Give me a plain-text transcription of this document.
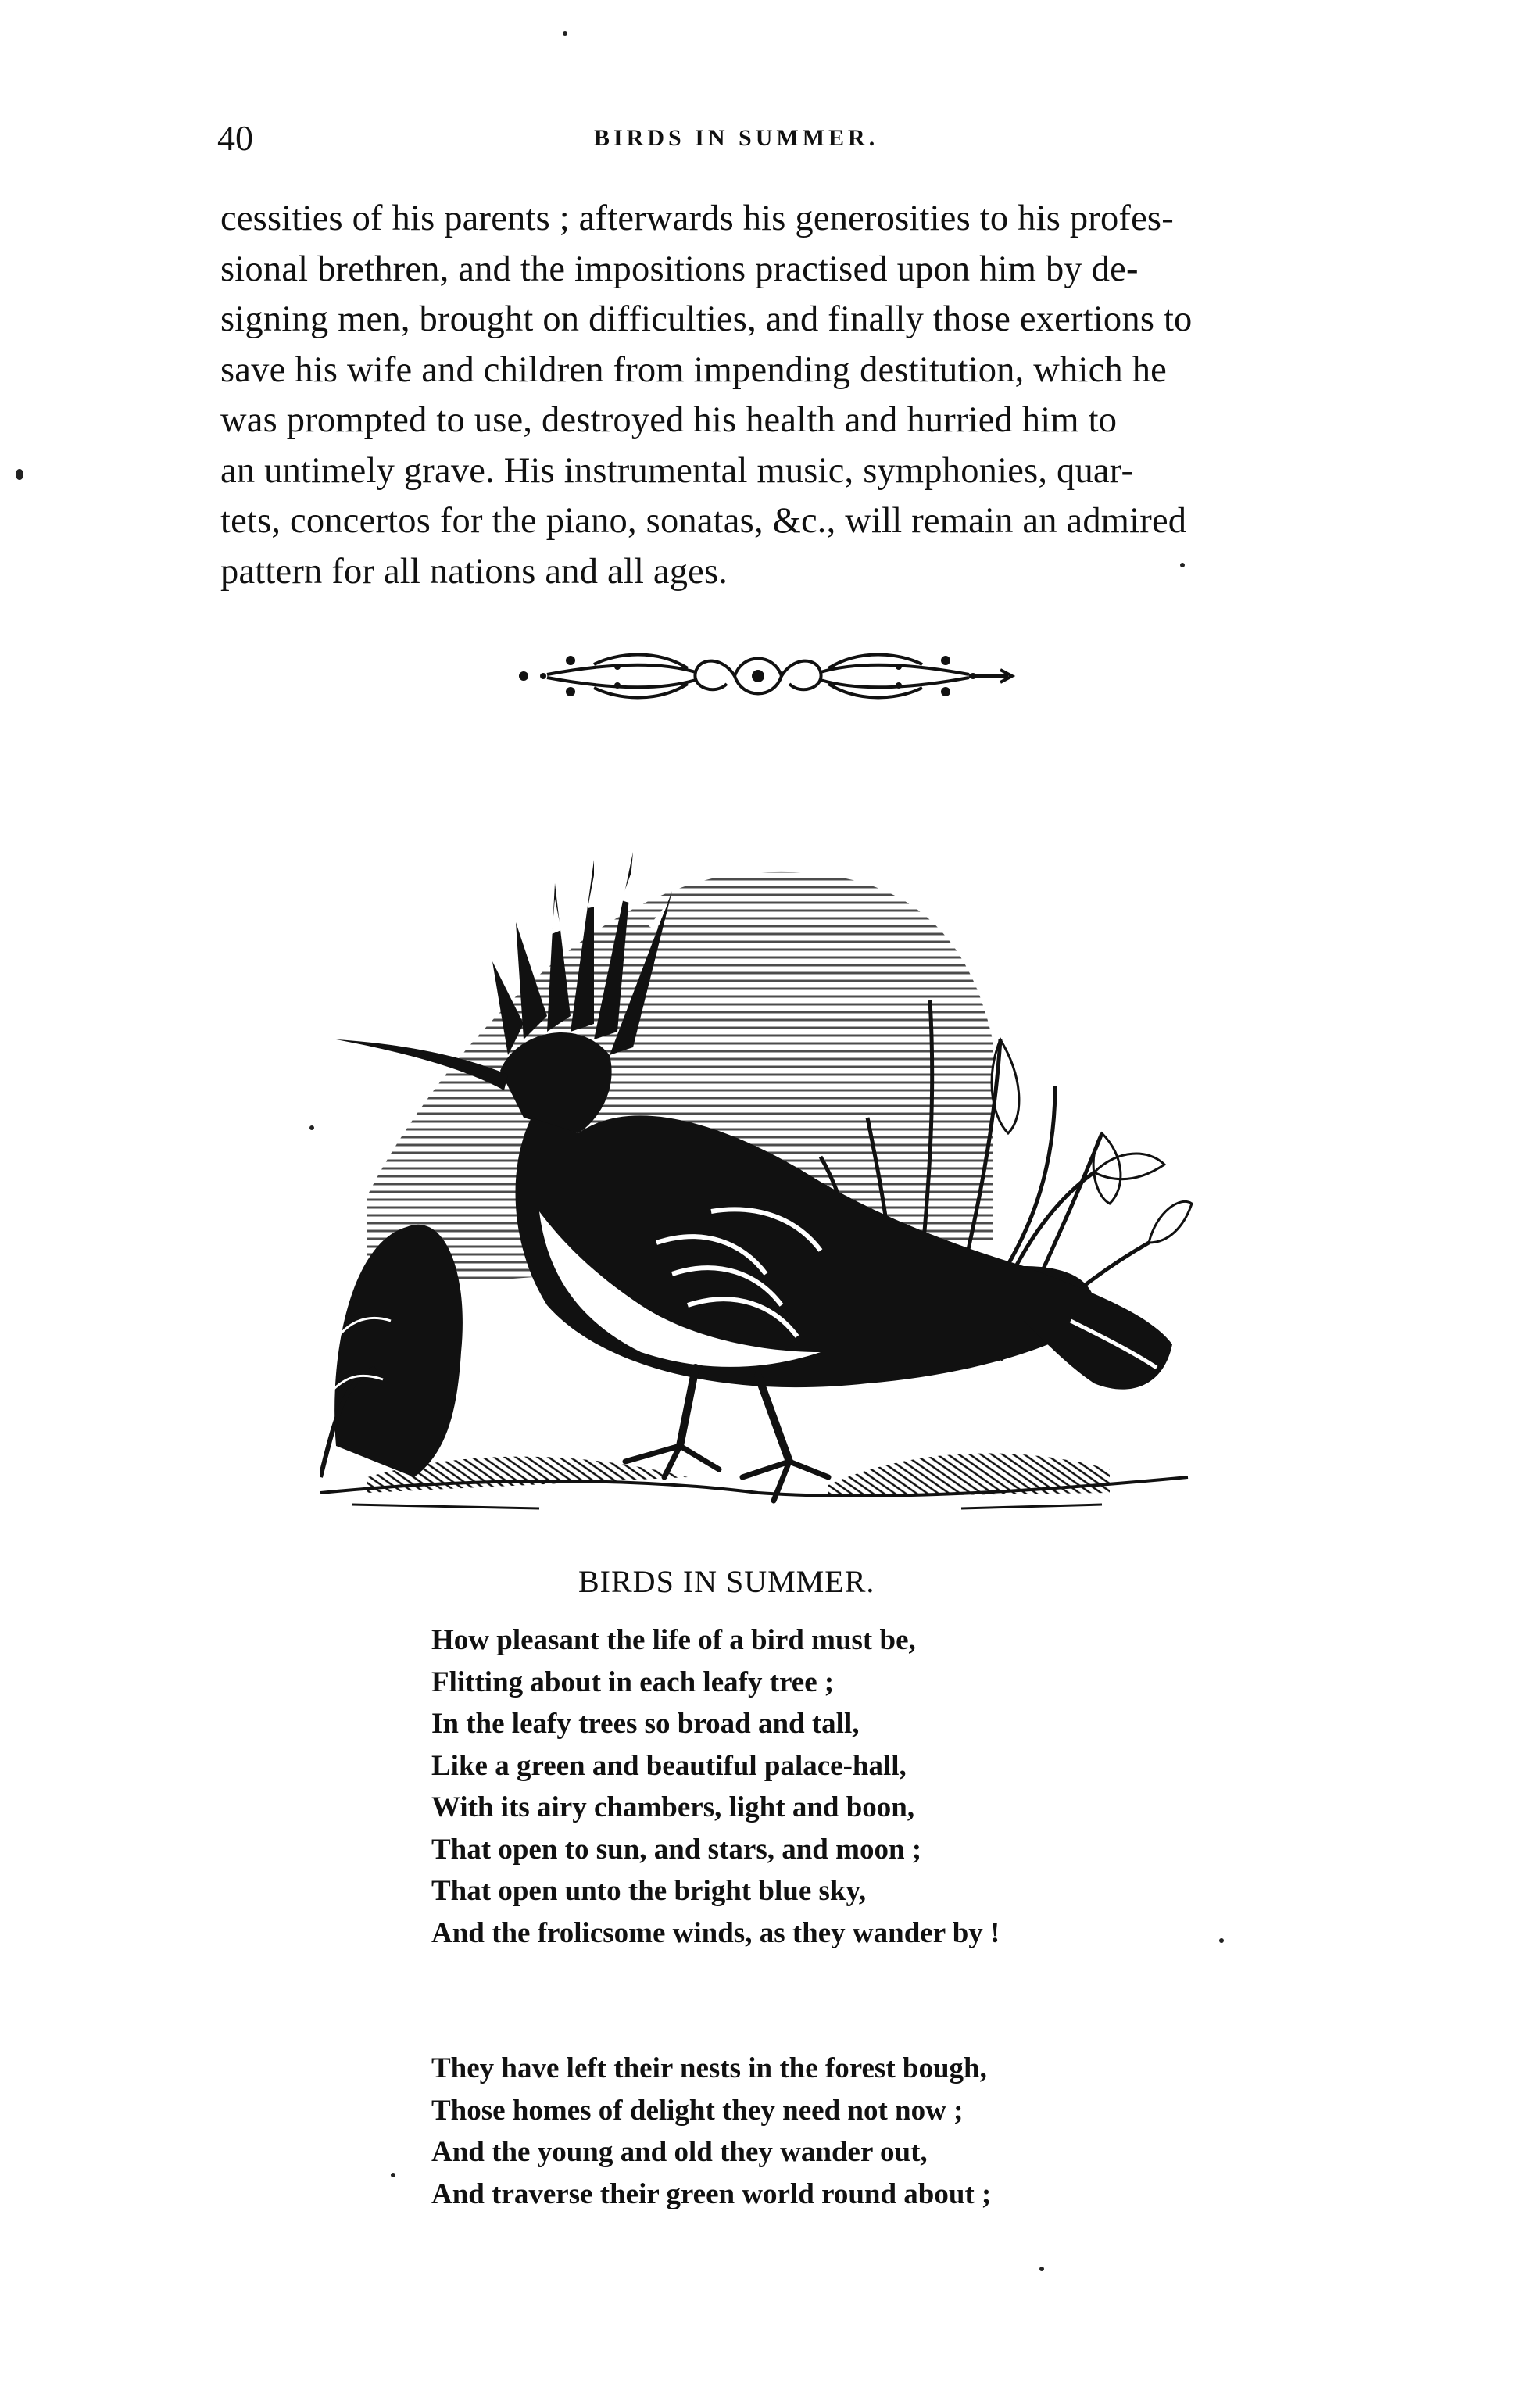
40	BIRDS IN SUMMER.
cessities of his parents ; afterwards his generosities to his profes-
sional brethren, and the impositions practised upon him by de-
signing men, brought on difficulties, and finally those exertions to
save his wife and children from impending destitution, which he
was prompted to use, destroyed his health and hurried him to
an untimely grave. His instrumental music, symphonies, quar-
tets, concertos for the piano, sonatas, &c., will remain an admired
pattern for all nations and all ages.
BIRDS IN SUMMER.
How pleasant the life of a bird must be,
Flitting about in each leafy tree ;
In the leafy trees so broad and tall,
Like a green and beautiful palace-hall,
With its airy chambers, light and boon,
That open to sun, and stars, and moon ;
That open unto the bright blue sky,
And the frolicsome winds, as they wander by !
They have left their nests in the forest bough,
Those homes of delight they need not now ;
And the young and old they wander out,
And traverse their green world round about ;
